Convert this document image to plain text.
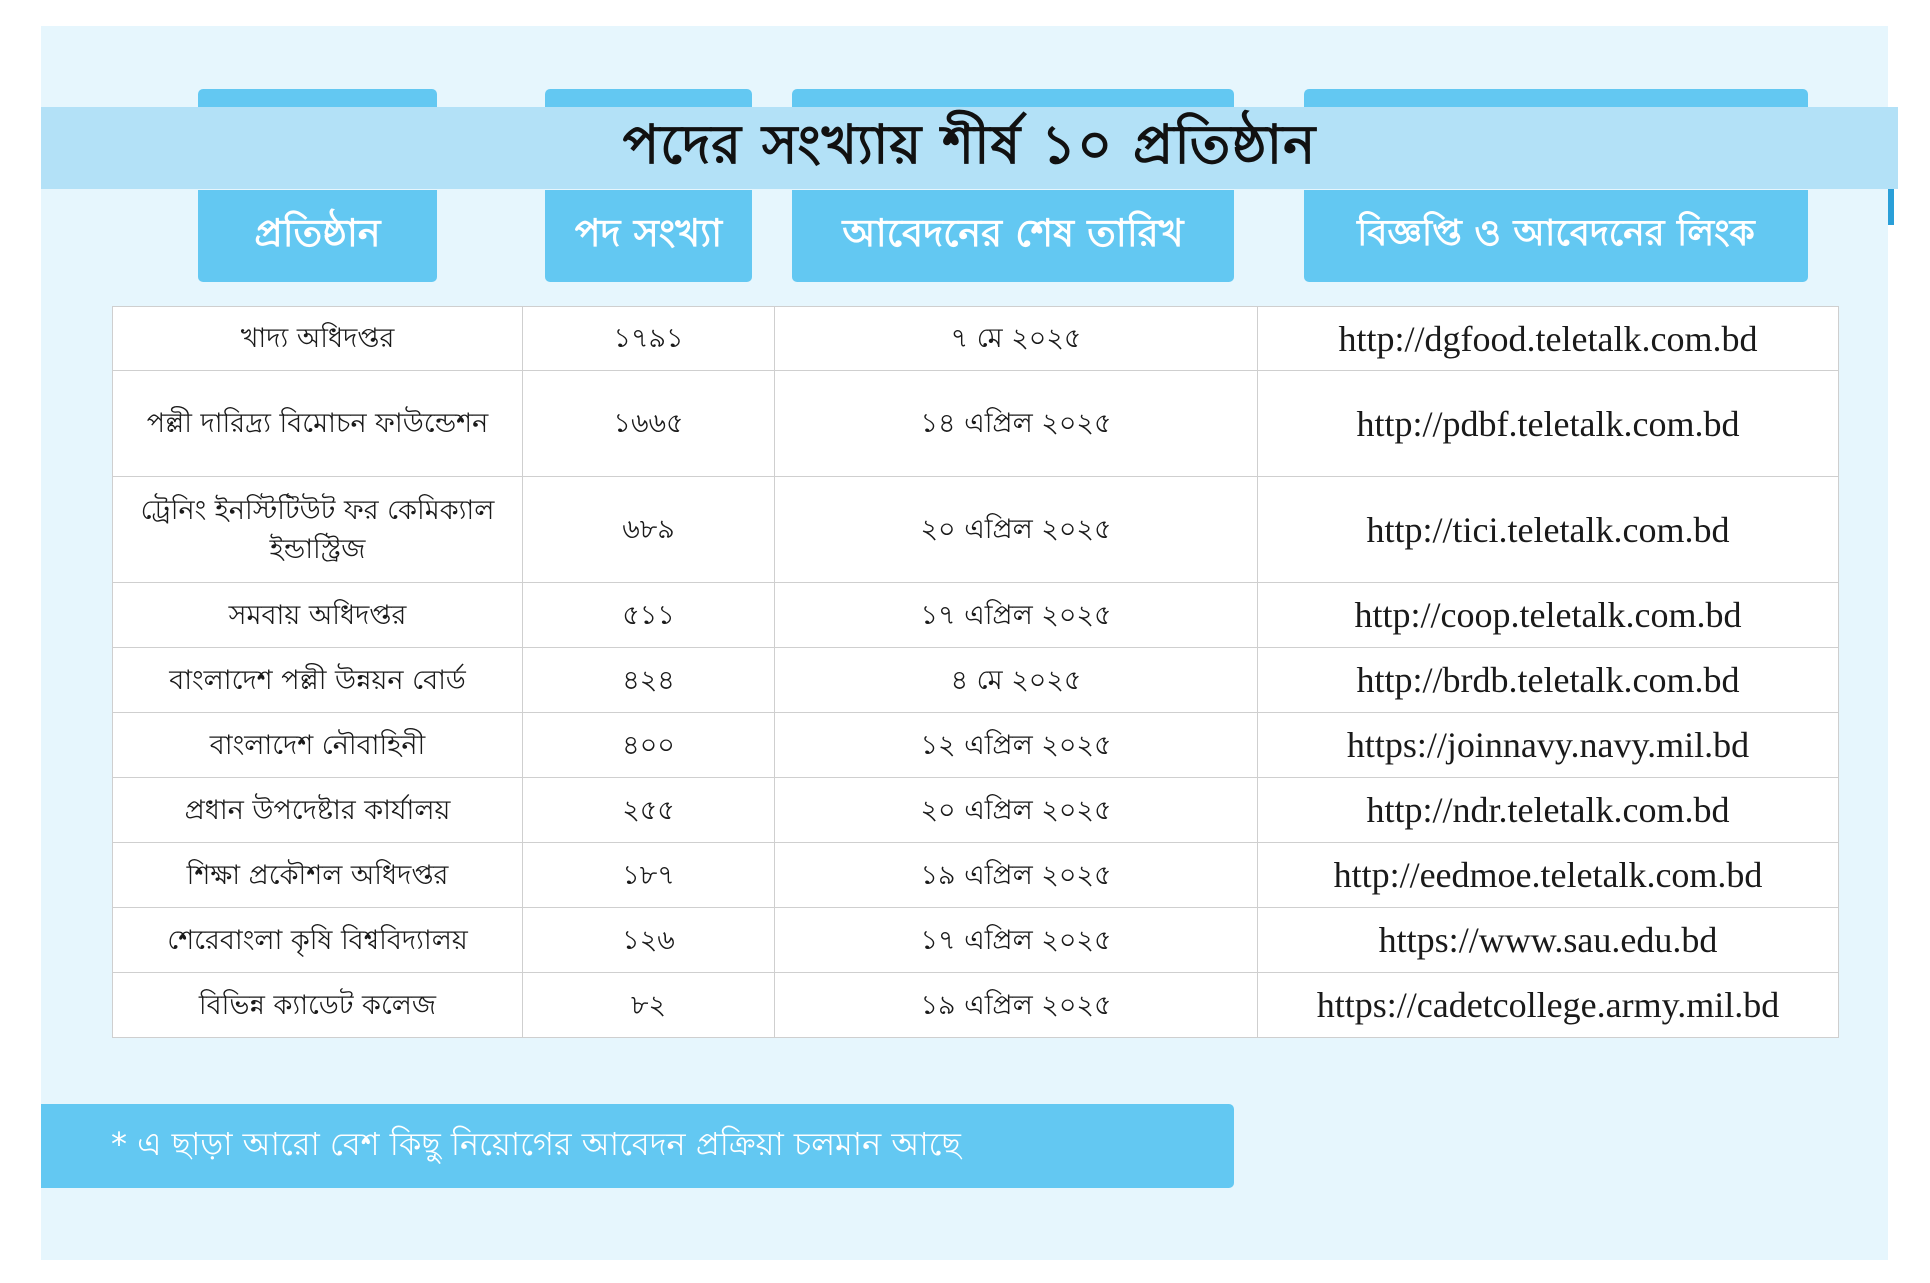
পদের সংখ্যায় শীর্ষ ১০ প্রতিষ্ঠান
প্রতিষ্ঠান	পদ সংখ্যা	আবেদনের শেষ তারিখ	বিজ্ঞপ্তি ও আবেদনের লিংক
খাদ্য অধিদপ্তর	১৭৯১	৭ মে ২০২৫	http://dgfood.teletalk.com.bd
পল্লী দারিদ্র্য বিমোচন ফাউন্ডেশন	১৬৬৫	১৪ এপ্রিল ২০২৫	http://pdbf.teletalk.com.bd
ট্রেনিং ইনস্টিটিউট ফর কেমিক্যাল ইন্ডাস্ট্রিজ	৬৮৯	২০ এপ্রিল ২০২৫	http://tici.teletalk.com.bd
সমবায় অধিদপ্তর	৫১১	১৭ এপ্রিল ২০২৫	http://coop.teletalk.com.bd
বাংলাদেশ পল্লী উন্নয়ন বোর্ড	৪২৪	৪ মে ২০২৫	http://brdb.teletalk.com.bd
বাংলাদেশ নৌবাহিনী	৪০০	১২ এপ্রিল ২০২৫	https://joinnavy.navy.mil.bd
প্রধান উপদেষ্টার কার্যালয়	২৫৫	২০ এপ্রিল ২০২৫	http://ndr.teletalk.com.bd
শিক্ষা প্রকৌশল অধিদপ্তর	১৮৭	১৯ এপ্রিল ২০২৫	http://eedmoe.teletalk.com.bd
শেরেবাংলা কৃষি বিশ্ববিদ্যালয়	১২৬	১৭ এপ্রিল ২০২৫	https://www.sau.edu.bd
বিভিন্ন ক্যাডেট কলেজ	৮২	১৯ এপ্রিল ২০২৫	https://cadetcollege.army.mil.bd
* এ ছাড়া আরো বেশ কিছু নিয়োগের আবেদন প্রক্রিয়া চলমান আছে
